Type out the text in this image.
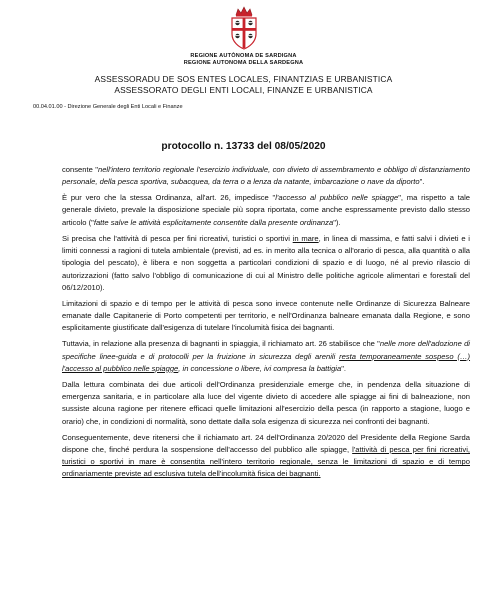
REGIONE AUTÒNOMA DE SARDIGNA
REGIONE AUTONOMA DELLA SARDEGNA
ASSESSORADU DE SOS ENTES LOCALES, FINANTZIAS E URBANISTICA
ASSESSORATO DEGLI ENTI LOCALI, FINANZE E URBANISTICA
00.04.01.00 - Direzione Generale degli Enti Locali e Finanze
protocollo n. 13733 del 08/05/2020

consente "nell'intero territorio regionale l'esercizio individuale, con divieto di assembramento e obbligo di distanziamento personale, della pesca sportiva, subacquea, da terra o a lenza da natante, imbarcazione o nave da diporto".

È pur vero che la stessa Ordinanza, all'art. 26, impedisce "l'accesso al pubblico nelle spiagge", ma rispetto a tale generale divieto, prevale la disposizione speciale più sopra riportata, come anche espressamente previsto dallo stesso articolo ("fatte salve le attività esplicitamente consentite dalla presente ordinanza").

Si precisa che l'attività di pesca per fini ricreativi, turistici o sportivi in mare, in linea di massima, e fatti salvi i divieti e i limiti connessi a ragioni di tutela ambientale (previsti, ad es. in merito alla tecnica o all'orario di pesca, alla quantità o alla tipologia del pescato), è libera e non soggetta a particolari condizioni di spazio e di luogo, né al previo rilascio di autorizzazioni (fatto salvo l'obbligo di comunicazione di cui al Ministro delle politiche agricole alimentari e forestali del 06/12/2010).

Limitazioni di spazio e di tempo per le attività di pesca sono invece contenute nelle Ordinanze di Sicurezza Balneare emanate dalle Capitanerie di Porto competenti per territorio, e nell'Ordinanza balneare emanata dalla Regione, e sono esplicitamente giustificate dall'esigenza di tutelare l'incolumità fisica dei bagnanti.

Tuttavia, in relazione alla presenza di bagnanti in spiaggia, il richiamato art. 26 stabilisce che "nelle more dell'adozione di specifiche linee-guida e di protocolli per la fruizione in sicurezza degli arenili resta temporaneamente sospeso (…) l'accesso al pubblico nelle spiagge, in concessione o libere, ivi compresa la battigia".

Dalla lettura combinata dei due articoli dell'Ordinanza presidenziale emerge che, in pendenza della situazione di emergenza sanitaria, e in particolare alla luce del vigente divieto di accedere alle spiagge ai fini di balneazione, non sussiste alcuna ragione per ritenere efficaci quelle limitazioni all'esercizio della pesca (in rapporto a stagione, luogo e orario) che, in condizioni di normalità, sono dettate dalla sola esigenza di sicurezza nei confronti dei bagnanti.

Conseguentemente, deve ritenersi che il richiamato art. 24 dell'Ordinanza 20/2020 del Presidente della Regione Sarda dispone che, finché perdura la sospensione dell'accesso del pubblico alle spiagge, l'attività di pesca per fini ricreativi, turistici o sportivi in mare è consentita nell'intero territorio regionale, senza le limitazioni di spazio e di tempo ordinariamente previste ad esclusiva tutela dell'incolumità fisica dei bagnanti.
